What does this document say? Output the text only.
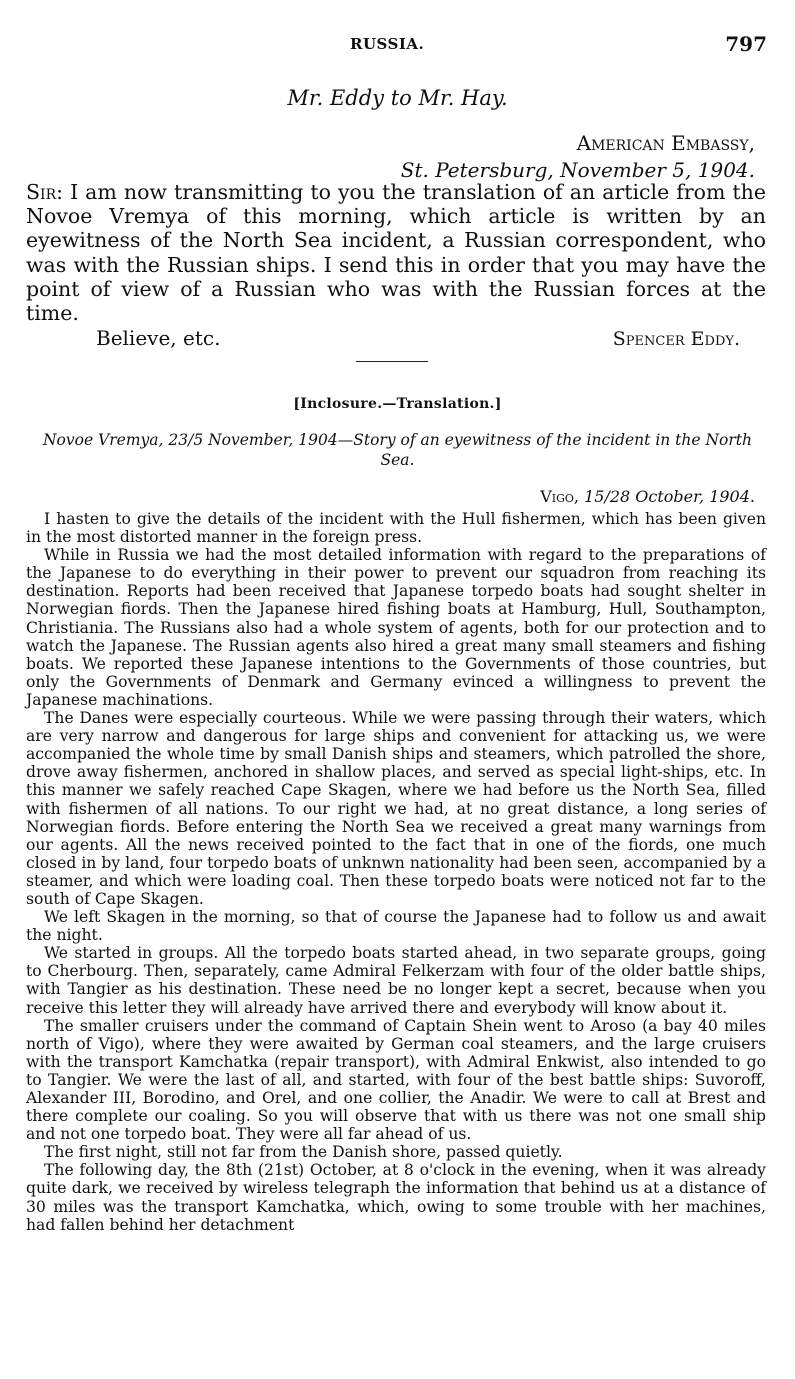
RUSSIA.	797
Mr. Eddy to Mr. Hay.
American Embassy,
St. Petersburg, November 5, 1904.

Sir: I am now transmitting to you the translation of an article from the Novoe Vremya of this morning, which article is written by an eyewitness of the North Sea incident, a Russian correspondent, who was with the Russian ships. I send this in order that you may have the point of view of a Russian who was with the Russian forces at the time.

Believe, etc.	Spencer Eddy.
[Inclosure.—Translation.]
Novoe Vremya, 23/5 November, 1904—Story of an eyewitness of the incident in the North Sea.
Vigo, 15/28 October, 1904.

I hasten to give the details of the incident with the Hull fishermen, which has been given in the most distorted manner in the foreign press.

While in Russia we had the most detailed information with regard to the preparations of the Japanese to do everything in their power to prevent our squadron from reaching its destination. Reports had been received that Japanese torpedo boats had sought shelter in Norwegian fiords. Then the Japanese hired fishing boats at Hamburg, Hull, Southampton, Christiania. The Russians also had a whole system of agents, both for our protection and to watch the Japanese. The Russian agents also hired a great many small steamers and fishing boats. We reported these Japanese intentions to the Governments of those countries, but only the Governments of Denmark and Germany evinced a willingness to prevent the Japanese machinations.

The Danes were especially courteous. While we were passing through their waters, which are very narrow and dangerous for large ships and convenient for attacking us, we were accompanied the whole time by small Danish ships and steamers, which patrolled the shore, drove away fishermen, anchored in shallow places, and served as special light-ships, etc. In this manner we safely reached Cape Skagen, where we had before us the North Sea, filled with fishermen of all nations. To our right we had, at no great distance, a long series of Norwegian fiords. Before entering the North Sea we received a great many warnings from our agents. All the news received pointed to the fact that in one of the fiords, one much closed in by land, four torpedo boats of unknwn nationality had been seen, accompanied by a steamer, and which were loading coal. Then these torpedo boats were noticed not far to the south of Cape Skagen.

We left Skagen in the morning, so that of course the Japanese had to follow us and await the night.

We started in groups. All the torpedo boats started ahead, in two separate groups, going to Cherbourg. Then, separately, came Admiral Felkerzam with four of the older battle ships, with Tangier as his destination. These need be no longer kept a secret, because when you receive this letter they will already have arrived there and everybody will know about it.

The smaller cruisers under the command of Captain Shein went to Aroso (a bay 40 miles north of Vigo), where they were awaited by German coal steamers, and the large cruisers with the transport Kamchatka (repair transport), with Admiral Enkwist, also intended to go to Tangier. We were the last of all, and started, with four of the best battle ships: Suvoroff, Alexander III, Borodino, and Orel, and one collier, the Anadir. We were to call at Brest and there complete our coaling. So you will observe that with us there was not one small ship and not one torpedo boat. They were all far ahead of us.

The first night, still not far from the Danish shore, passed quietly.

The following day, the 8th (21st) October, at 8 o'clock in the evening, when it was already quite dark, we received by wireless telegraph the information that behind us at a distance of 30 miles was the transport Kamchatka, which, owing to some trouble with her machines, had fallen behind her detachment
